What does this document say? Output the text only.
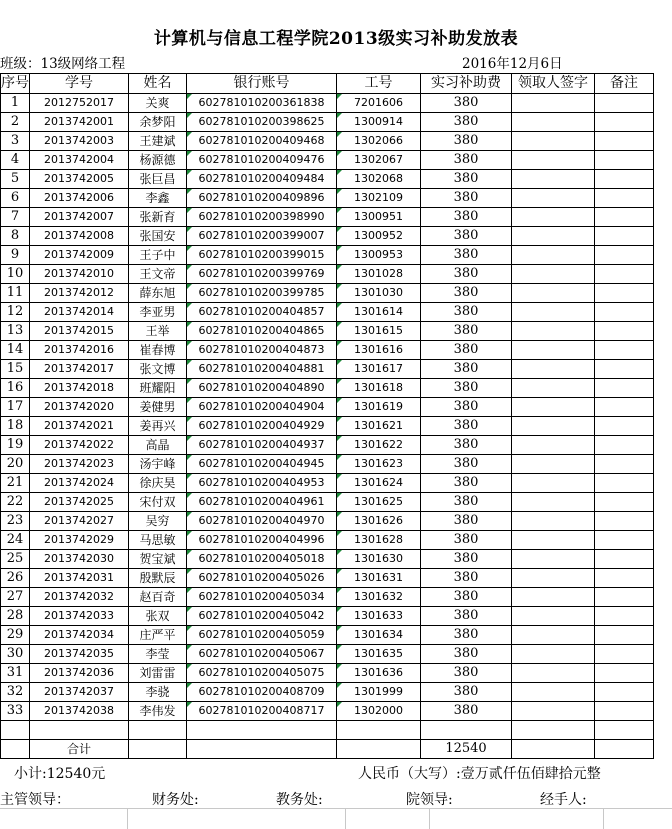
计算机与信息工程学院2013级实习补助发放表
班级：13级网络工程	2016年12月6日
序号	学号	姓名	银行账号	工号	实习补助费	领取人签字	备注
1	2012752017	关爽	602781010200361838	7201606	380		
2	2013742001	余梦阳	602781010200398625	1300914	380		
3	2013742003	王建斌	602781010200409468	1302066	380		
4	2013742004	杨源德	602781010200409476	1302067	380		
5	2013742005	张巨昌	602781010200409484	1302068	380		
6	2013742006	李鑫	602781010200409896	1302109	380		
7	2013742007	张新育	602781010200398990	1300951	380		
8	2013742008	张国安	602781010200399007	1300952	380		
9	2013742009	王子中	602781010200399015	1300953	380		
10	2013742010	王文帝	602781010200399769	1301028	380		
11	2013742012	薛东旭	602781010200399785	1301030	380		
12	2013742014	李亚男	602781010200404857	1301614	380		
13	2013742015	王举	602781010200404865	1301615	380		
14	2013742016	崔春博	602781010200404873	1301616	380		
15	2013742017	张文博	602781010200404881	1301617	380		
16	2013742018	班耀阳	602781010200404890	1301618	380		
17	2013742020	姜健男	602781010200404904	1301619	380		
18	2013742021	姜再兴	602781010200404929	1301621	380		
19	2013742022	高晶	602781010200404937	1301622	380		
20	2013742023	汤宇峰	602781010200404945	1301623	380		
21	2013742024	徐庆昊	602781010200404953	1301624	380		
22	2013742025	宋付双	602781010200404961	1301625	380		
23	2013742027	吴穷	602781010200404970	1301626	380		
24	2013742029	马思敏	602781010200404996	1301628	380		
25	2013742030	贺宝斌	602781010200405018	1301630	380		
26	2013742031	殷默辰	602781010200405026	1301631	380		
27	2013742032	赵百奇	602781010200405034	1301632	380		
28	2013742033	张双	602781010200405042	1301633	380		
29	2013742034	庄严平	602781010200405059	1301634	380		
30	2013742035	李莹	602781010200405067	1301635	380		
31	2013742036	刘雷雷	602781010200405075	1301636	380		
32	2013742037	李骁	602781010200408709	1301999	380		
33	2013742038	李伟发	602781010200408717	1302000	380		

	合计				12540		
小计:12540元	人民币（大写）:壹万贰仟伍佰肆拾元整
主管领导：	财务处:	教务处:	院领导:	经手人:
